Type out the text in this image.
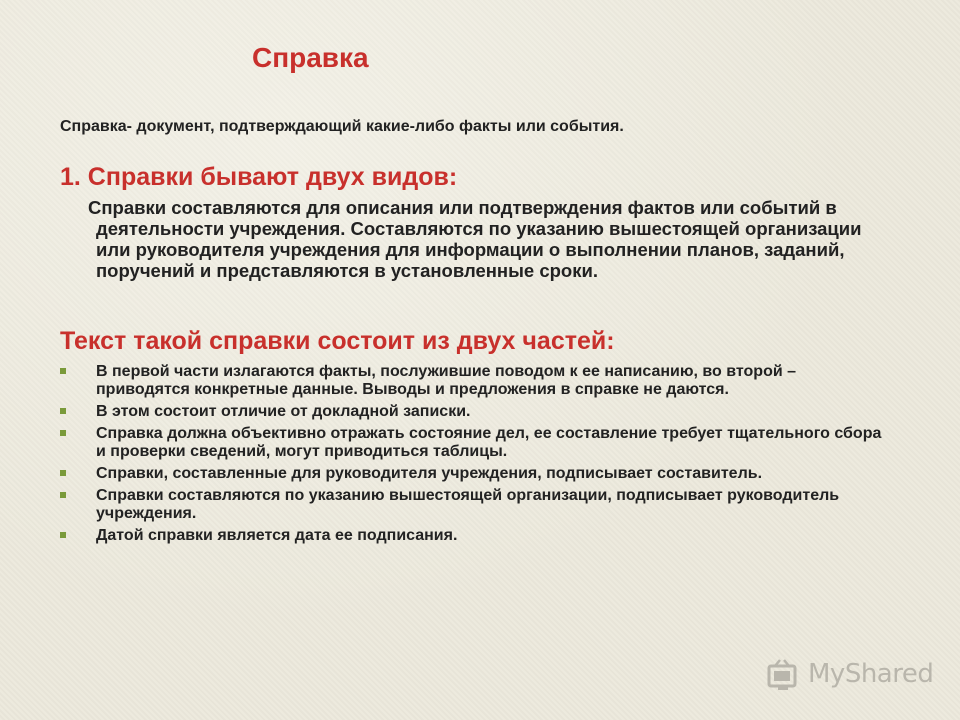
Справка
Справка- документ, подтверждающий какие-либо факты или события.
1. Справки бывают двух видов:
Справки составляются для описания или подтверждения фактов или событий в деятельности учреждения. Составляются по указанию вышестоящей организации или руководителя учреждения для информации о выполнении планов, заданий, поручений и представляются в установленные сроки.
Текст такой справки состоит из двух частей:
В первой части излагаются факты, послужившие поводом к ее написанию, во второй – приводятся конкретные данные. Выводы и предложения в справке не даются.
В этом состоит отличие от докладной записки.
Справка должна объективно отражать состояние дел, ее составление требует тщательного сбора и проверки сведений, могут приводиться таблицы.
Справки, составленные для руководителя учреждения, подписывает составитель.
Справки составляются по указанию вышестоящей организации, подписывает руководитель учреждения.
Датой справки является дата ее подписания.
MyShared
